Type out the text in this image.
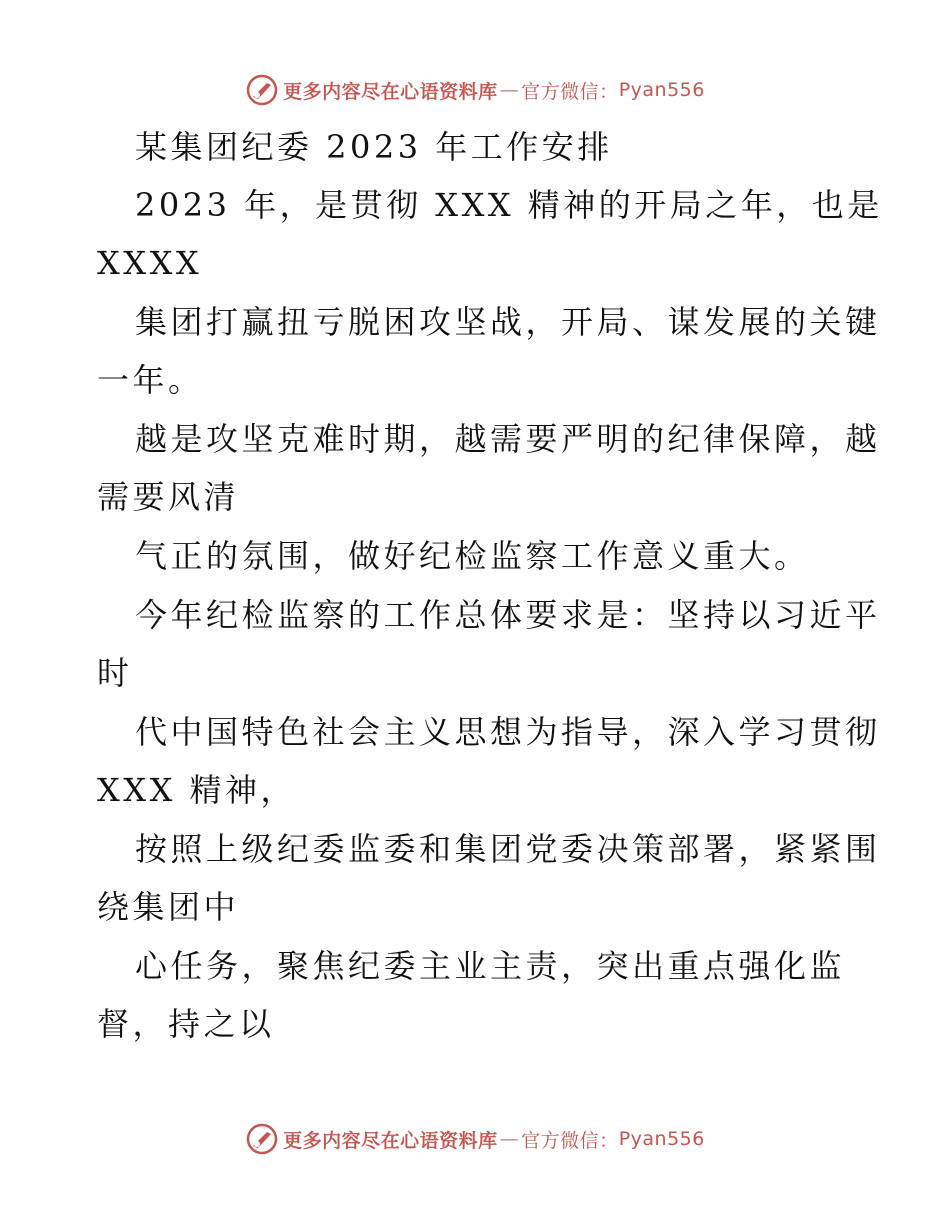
更多内容尽在心语资料库 — 官方微信： Pyan556
某集团纪委 2023 年工作安排
2023 年，是贯彻 XXX 精神的开局之年，也是
XXXX
集团打赢扭亏脱困攻坚战，开局、谋发展的关键
一年。
越是攻坚克难时期，越需要严明的纪律保障，越
需要风清
气正的氛围，做好纪检监察工作意义重大。
今年纪检监察的工作总体要求是：坚持以习近平
时
代中国特色社会主义思想为指导，深入学习贯彻
XXX 精神，
按照上级纪委监委和集团党委决策部署，紧紧围
绕集团中
心任务，聚焦纪委主业主责，突出重点强化监
督，持之以
更多内容尽在心语资料库 — 官方微信： Pyan556
